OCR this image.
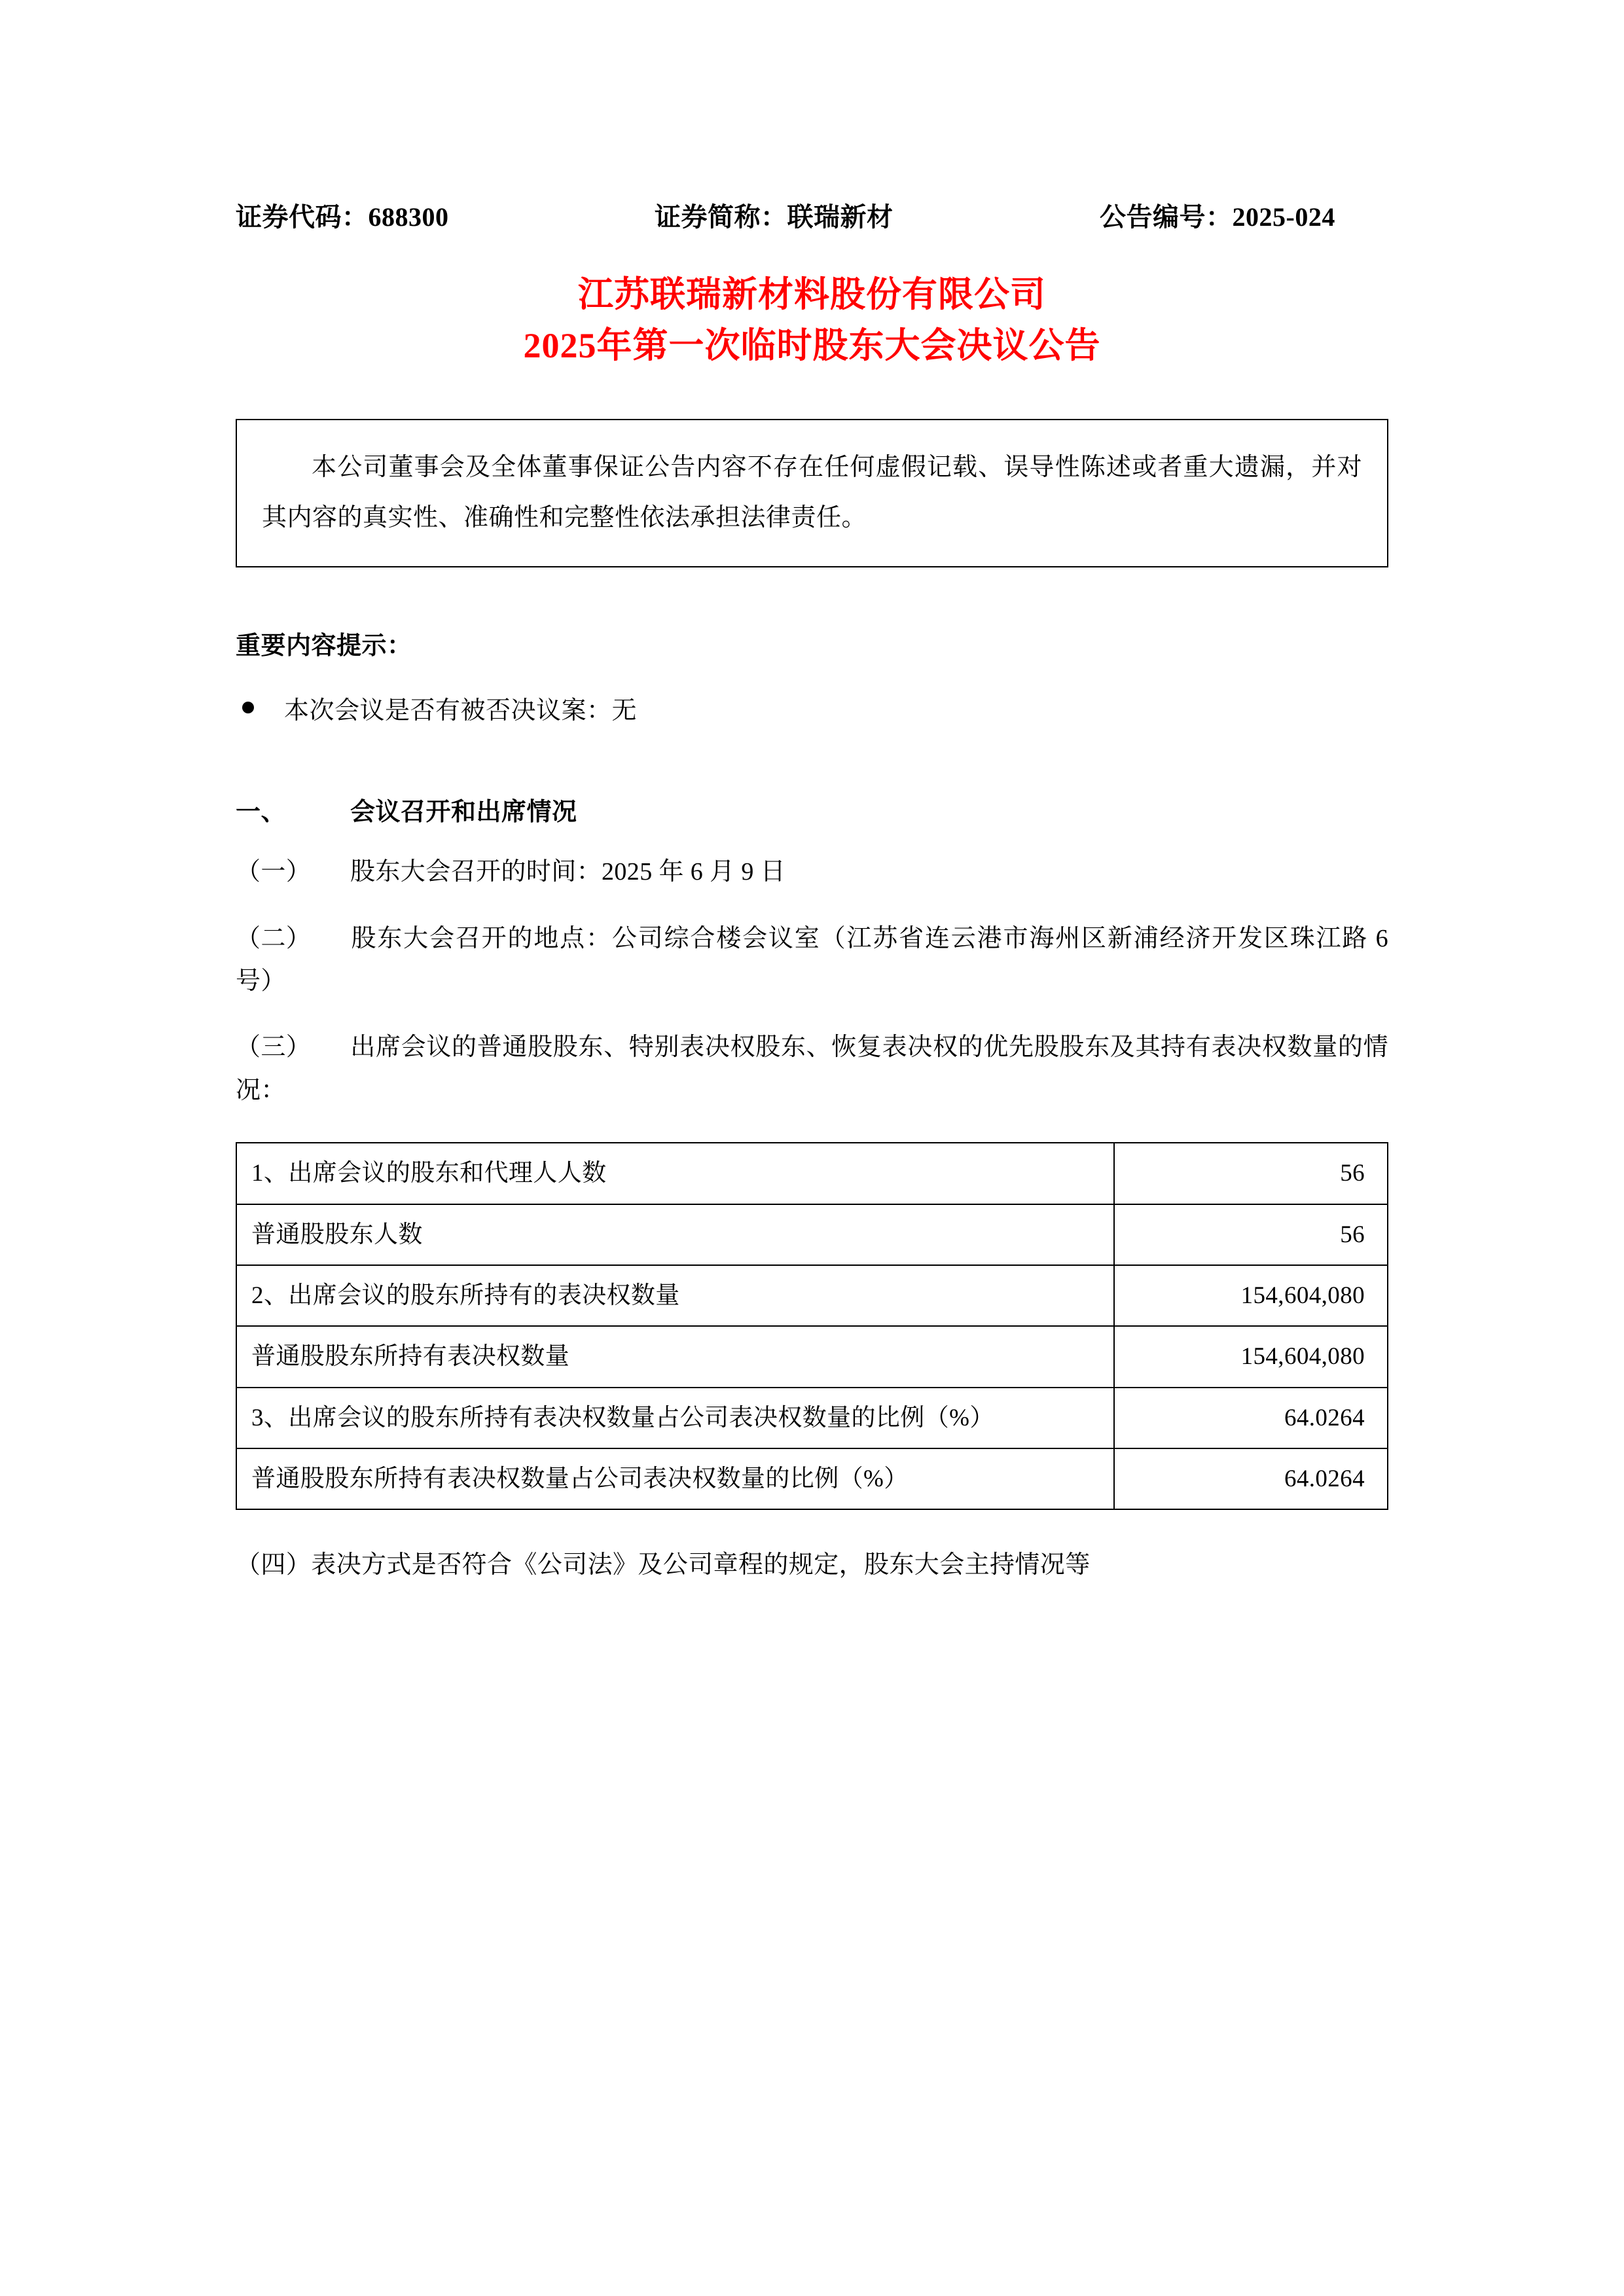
证券代码：688300	证券简称：联瑞新材	公告编号：2025-024
江苏联瑞新材料股份有限公司
2025年第一次临时股东大会决议公告

本公司董事会及全体董事保证公告内容不存在任何虚假记载、误导性陈述或者重大遗漏，并对其内容的真实性、准确性和完整性依法承担法律责任。

重要内容提示：
本次会议是否有被否决议案：无
一、	会议召开和出席情况
（一） 股东大会召开的时间：2025 年 6 月 9 日
（二） 股东大会召开的地点：公司综合楼会议室（江苏省连云港市海州区新浦经济开发区珠江路 6 号）
（三） 出席会议的普通股股东、特别表决权股东、恢复表决权的优先股股东及其持有表决权数量的情况：
1、出席会议的股东和代理人人数	56
普通股股东人数	56
2、出席会议的股东所持有的表决权数量	154,604,080
普通股股东所持有表决权数量	154,604,080
3、出席会议的股东所持有表决权数量占公司表决权数量的比例（%）	64.0264
普通股股东所持有表决权数量占公司表决权数量的比例（%）	64.0264
（四）表决方式是否符合《公司法》及公司章程的规定，股东大会主持情况等
